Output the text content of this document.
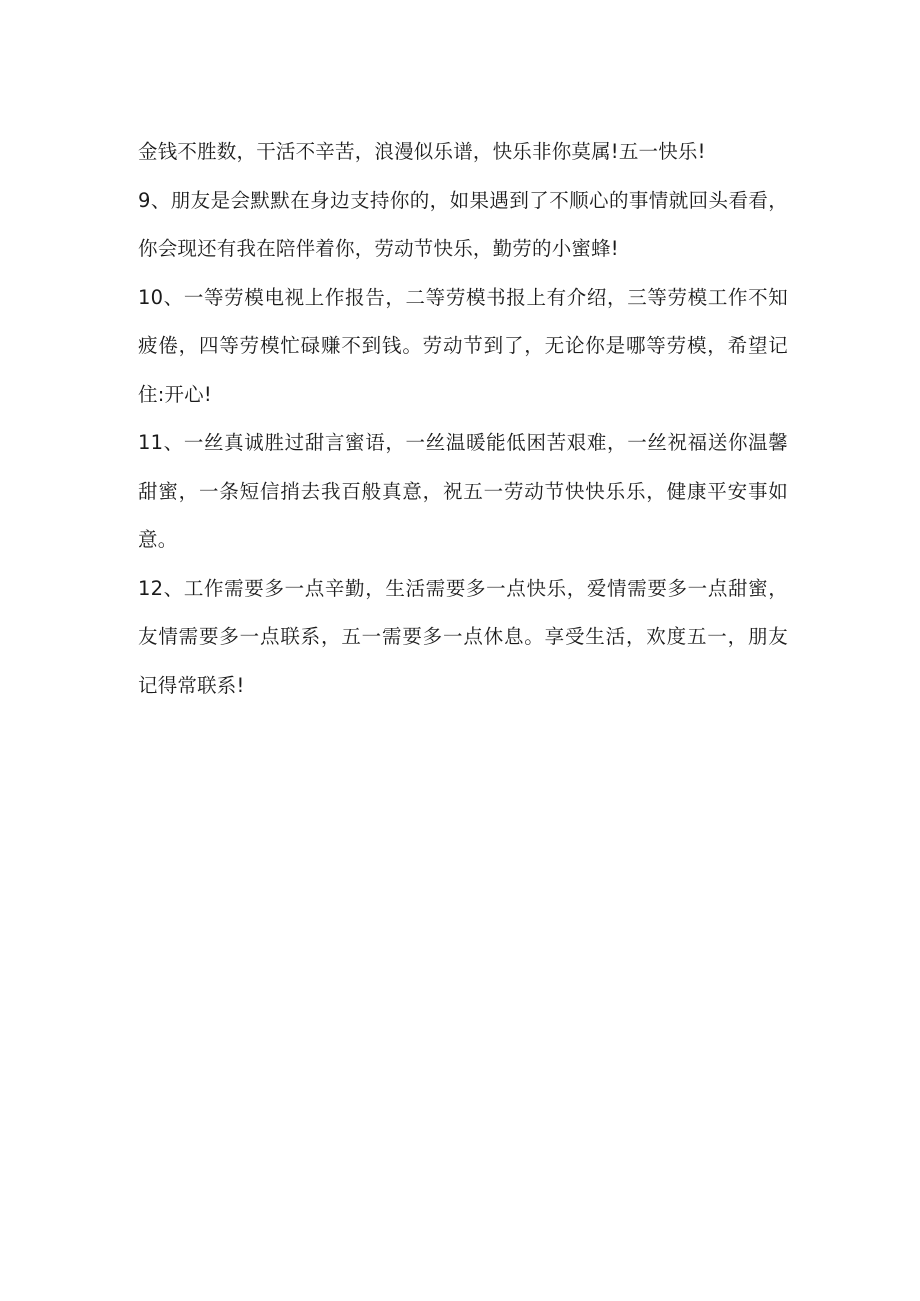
金钱不胜数，干活不辛苦，浪漫似乐谱，快乐非你莫属!五一快乐!

9、朋友是会默默在身边支持你的，如果遇到了不顺心的事情就回头看看，你会现还有我在陪伴着你，劳动节快乐，勤劳的小蜜蜂!

10、一等劳模电视上作报告，二等劳模书报上有介绍，三等劳模工作不知疲倦，四等劳模忙碌赚不到钱。劳动节到了，无论你是哪等劳模，希望记住:开心!

11、一丝真诚胜过甜言蜜语，一丝温暖能低困苦艰难，一丝祝福送你温馨甜蜜，一条短信捎去我百般真意，祝五一劳动节快快乐乐，健康平安事如意。

12、工作需要多一点辛勤，生活需要多一点快乐，爱情需要多一点甜蜜，友情需要多一点联系，五一需要多一点休息。享受生活，欢度五一，朋友记得常联系!
